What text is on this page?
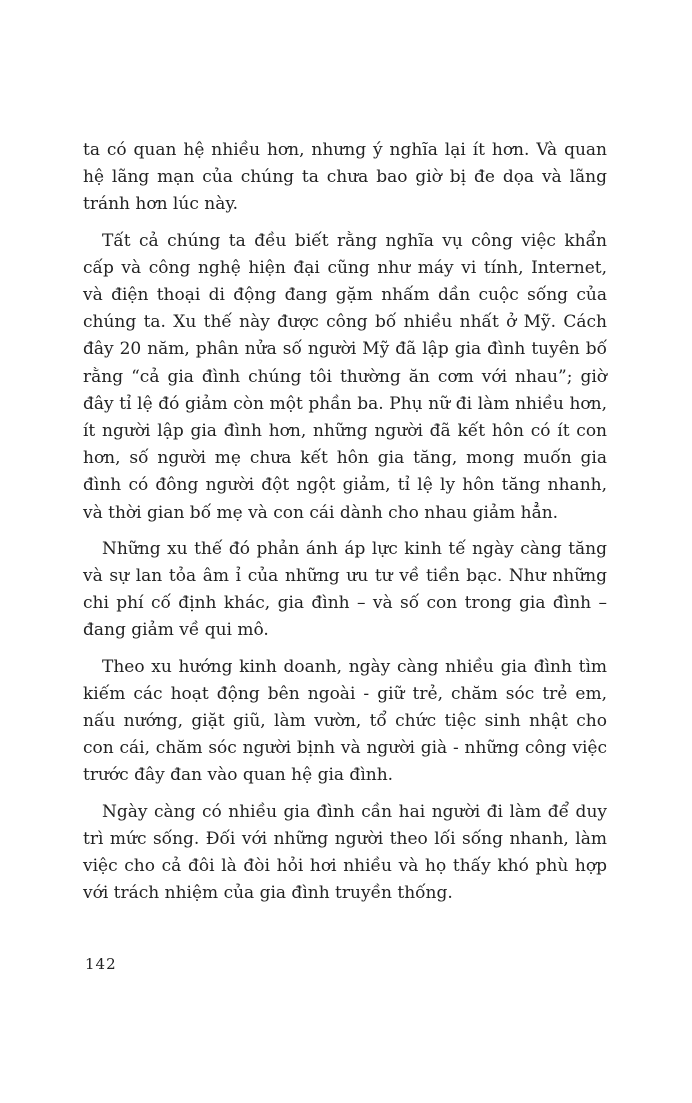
ta có quan hệ nhiều hơn, nhưng ý nghĩa lại ít hơn. Và quan hệ lãng mạn của chúng ta chưa bao giờ bị đe dọa và lãng tránh hơn lúc này.

Tất cả chúng ta đều biết rằng nghĩa vụ công việc khẩn cấp và công nghệ hiện đại cũng như máy vi tính, Internet, và điện thoại di động đang gặm nhấm dần cuộc sống của chúng ta. Xu thế này được công bố nhiều nhất ở Mỹ. Cách đây 20 năm, phân nửa số người Mỹ đã lập gia đình tuyên bố rằng “cả gia đình chúng tôi thường ăn cơm với nhau”; giờ đây tỉ lệ đó giảm còn một phần ba. Phụ nữ đi làm nhiều hơn, ít người lập gia đình hơn, những người đã kết hôn có ít con hơn, số người mẹ chưa kết hôn gia tăng, mong muốn gia đình có đông người đột ngột giảm, tỉ lệ ly hôn tăng nhanh, và thời gian bố mẹ và con cái dành cho nhau giảm hẳn.

Những xu thế đó phản ánh áp lực kinh tế ngày càng tăng và sự lan tỏa âm ỉ của những ưu tư về tiền bạc. Như những chi phí cố định khác, gia đình – và số con trong gia đình – đang giảm về qui mô.

Theo xu hướng kinh doanh, ngày càng nhiều gia đình tìm kiếm các hoạt động bên ngoài - giữ trẻ, chăm sóc trẻ em, nấu nướng, giặt giũ, làm vườn, tổ chức tiệc sinh nhật cho con cái, chăm sóc người bịnh và người già - những công việc trước đây đan vào quan hệ gia đình.

Ngày càng có nhiều gia đình cần hai người đi làm để duy trì mức sống. Đối với những người theo lối sống nhanh, làm việc cho cả đôi là đòi hỏi hơi nhiều và họ thấy khó phù hợp với trách nhiệm của gia đình truyền thống.

142
